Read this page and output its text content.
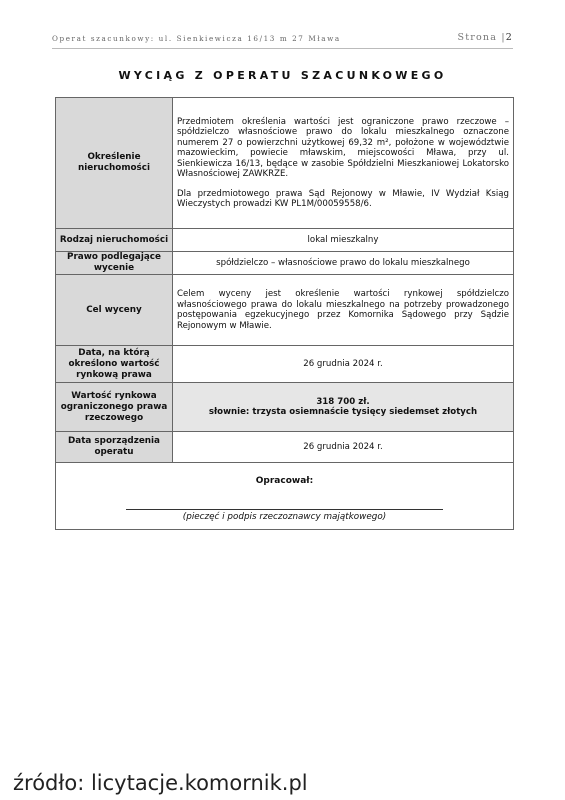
Operat szacunkowy: ul. Sienkiewicza 16/13 m 27 Mława	Strona |2
WYCIĄG Z OPERATU SZACUNKOWEGO
Określenie nieruchomości	Przedmiotem określenia wartości jest ograniczone prawo rzeczowe – spółdzielczo własnościowe prawo do lokalu mieszkalnego oznaczone numerem 27 o powierzchni użytkowej 69,32 m², położone w województwie mazowieckim, powiecie mławskim, miejscowości Mława, przy ul. Sienkiewicza 16/13, będące w zasobie Spółdzielni Mieszkaniowej Lokatorsko Własnościowej ZAWKRZE.
Dla przedmiotowego prawa Sąd Rejonowy w Mławie, IV Wydział Ksiąg Wieczystych prowadzi KW PL1M/00059558/6.

Rodzaj nieruchomości	lokal mieszkalny
Prawo podlegające wycenie	spółdzielczo – własnościowe prawo do lokalu mieszkalnego
Cel wyceny	Celem wyceny jest określenie wartości rynkowej spółdzielczo własnościowego prawa do lokalu mieszkalnego na potrzeby prowadzonego postępowania egzekucyjnego przez Komornika Sądowego przy Sądzie Rejonowym w Mławie.
Data, na którą określono wartość rynkową prawa	26 grudnia 2024 r.
Wartość rynkowa ograniczonego prawa rzeczowego	318 700 zł.
słownie: trzysta osiemnaście tysięcy siedemset złotych

Data sporządzenia operatu	26 grudnia 2024 r.

Opracował:
(pieczęć i podpis rzeczoznawcy majątkowego)	
źródło: licytacje.komornik.pl
